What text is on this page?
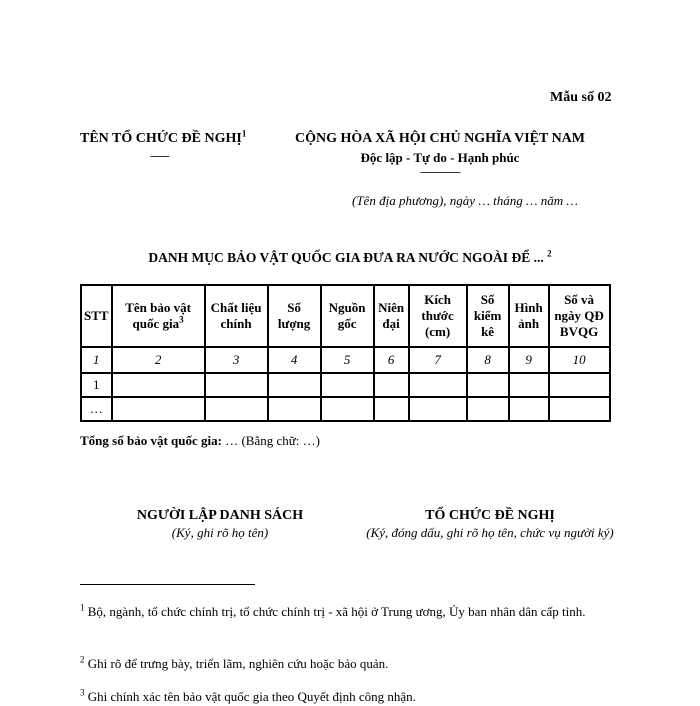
Mẫu số 02
TÊN TỔ CHỨC ĐỀ NGHỊ$^1$
-------
CỘNG HÒA XÃ HỘI CHỦ NGHĨA VIỆT NAM
Độc lập - Tự do - Hạnh phúc
---------------
(Tên địa phương), ngày … tháng … năm …
DANH MỤC BẢO VẬT QUỐC GIA ĐƯA RA NƯỚC NGOÀI ĐỂ ... $^2$
STT	Tên bảo vật quốc gia$^3$	Chất liệu chính	Số lượng	Nguồn gốc	Niên đại	Kích thước (cm)	Số kiểm kê	Hình ảnh	Số và ngày QĐ BVQG
1	2	3	4	5	6	7	8	9	10
1									
…									
Tổng số bảo vật quốc gia: … (Bằng chữ: …)
NGƯỜI LẬP DANH SÁCH
(Ký, ghi rõ họ tên)
TỔ CHỨC ĐỀ NGHỊ
(Ký, đóng dấu, ghi rõ họ tên, chức vụ người ký)
$^1$ Bộ, ngành, tổ chức chính trị, tổ chức chính trị - xã hội ở Trung ương, Ủy ban nhân dân cấp tỉnh.
$^2$ Ghi rõ để trưng bày, triển lãm, nghiên cứu hoặc bảo quản.
$^3$ Ghi chính xác tên bảo vật quốc gia theo Quyết định công nhận.
